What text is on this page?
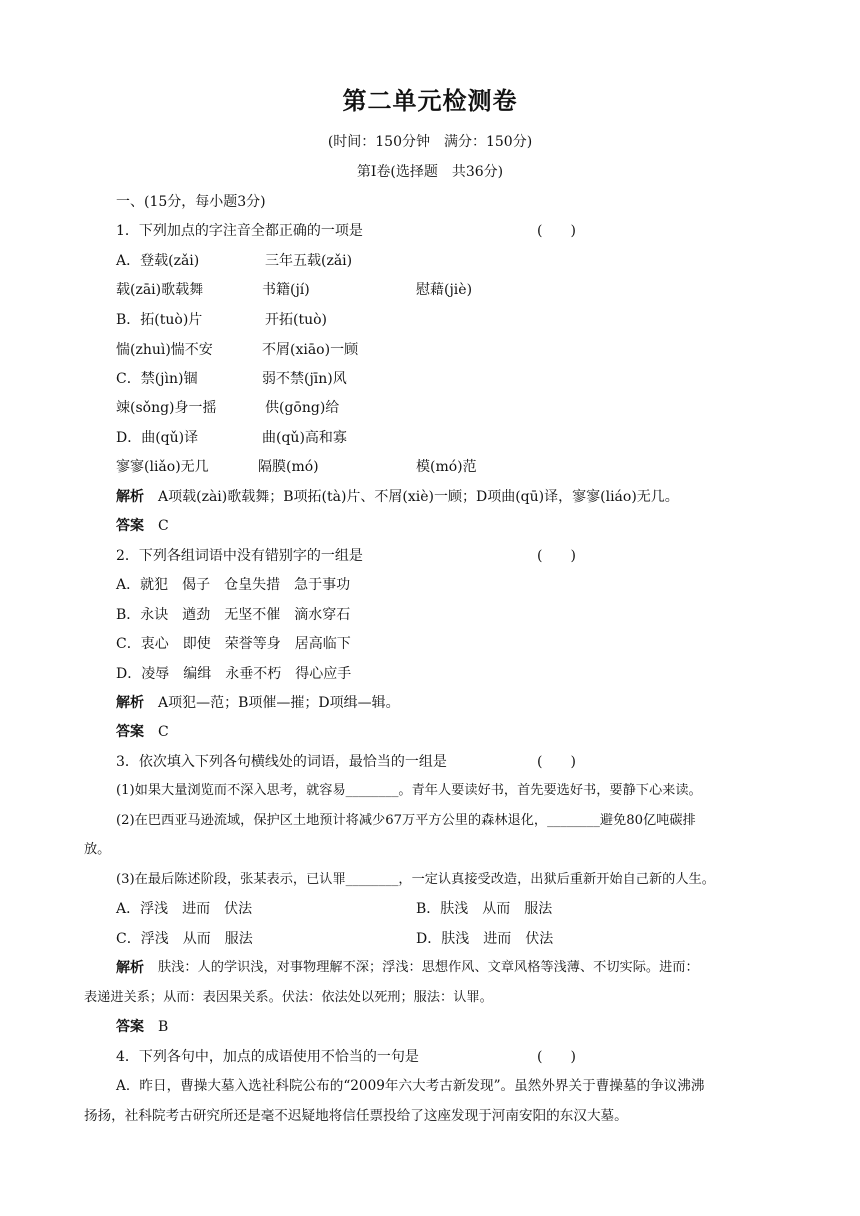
第二单元检测卷
(时间：150分钟　满分：150分)
第Ⅰ卷(选择题　共36分)
一、(15分，每小题3分)
1．下列加点的字注音全都正确的一项是	(　　)
A．登载(zǎi)	三年五载(zǎi)
载(zāi)歌载舞	书籍(jí)	慰藉(jiè)
B．拓(tuò)片	开拓(tuò)
惴(zhuì)惴不安	不屑(xiāo)一顾
C．禁(jìn)锢	弱不禁(jīn)风
竦(sǒng)身一摇	供(gōng)给
D．曲(qǔ)译	曲(qǔ)高和寡
寥寥(liǎo)无几	隔膜(mó)	模(mó)范
解析 A项载(zài)歌载舞；B项拓(tà)片、不屑(xiè)一顾；D项曲(qū)译，寥寥(liáo)无几。
答案 C
2．下列各组词语中没有错别字的一组是	(　　)
A．就犯　偈子　仓皇失措　急于事功
B．永诀　遒劲　无坚不催　滴水穿石
C．衷心　即使　荣誉等身　居高临下
D．凌辱　编缉　永垂不朽　得心应手
解析 A项犯—范；B项催—摧；D项缉—辑。
答案 C
3．依次填入下列各句横线处的词语，最恰当的一组是	(　　)
(1)如果大量浏览而不深入思考，就容易________。青年人要读好书，首先要选好书，要静下心来读。
(2)在巴西亚马逊流域，保护区土地预计将减少67万平方公里的森林退化，________避免80亿吨碳排
放。
(3)在最后陈述阶段，张某表示，已认罪________，一定认真接受改造，出狱后重新开始自己新的人生。
A．浮浅　进而　伏法	B．肤浅　从而　服法
C．浮浅　从而　服法	D．肤浅　进而　伏法
解析 肤浅：人的学识浅，对事物理解不深；浮浅：思想作风、文章风格等浅薄、不切实际。进而：
表递进关系；从而：表因果关系。伏法：依法处以死刑；服法：认罪。
答案 B
4．下列各句中，加点的成语使用不恰当的一句是	(　　)
A．昨日，曹操大墓入选社科院公布的“2009年六大考古新发现”。虽然外界关于曹操墓的争议沸沸
扬扬，社科院考古研究所还是毫不迟疑地将信任票投给了这座发现于河南安阳的东汉大墓。
